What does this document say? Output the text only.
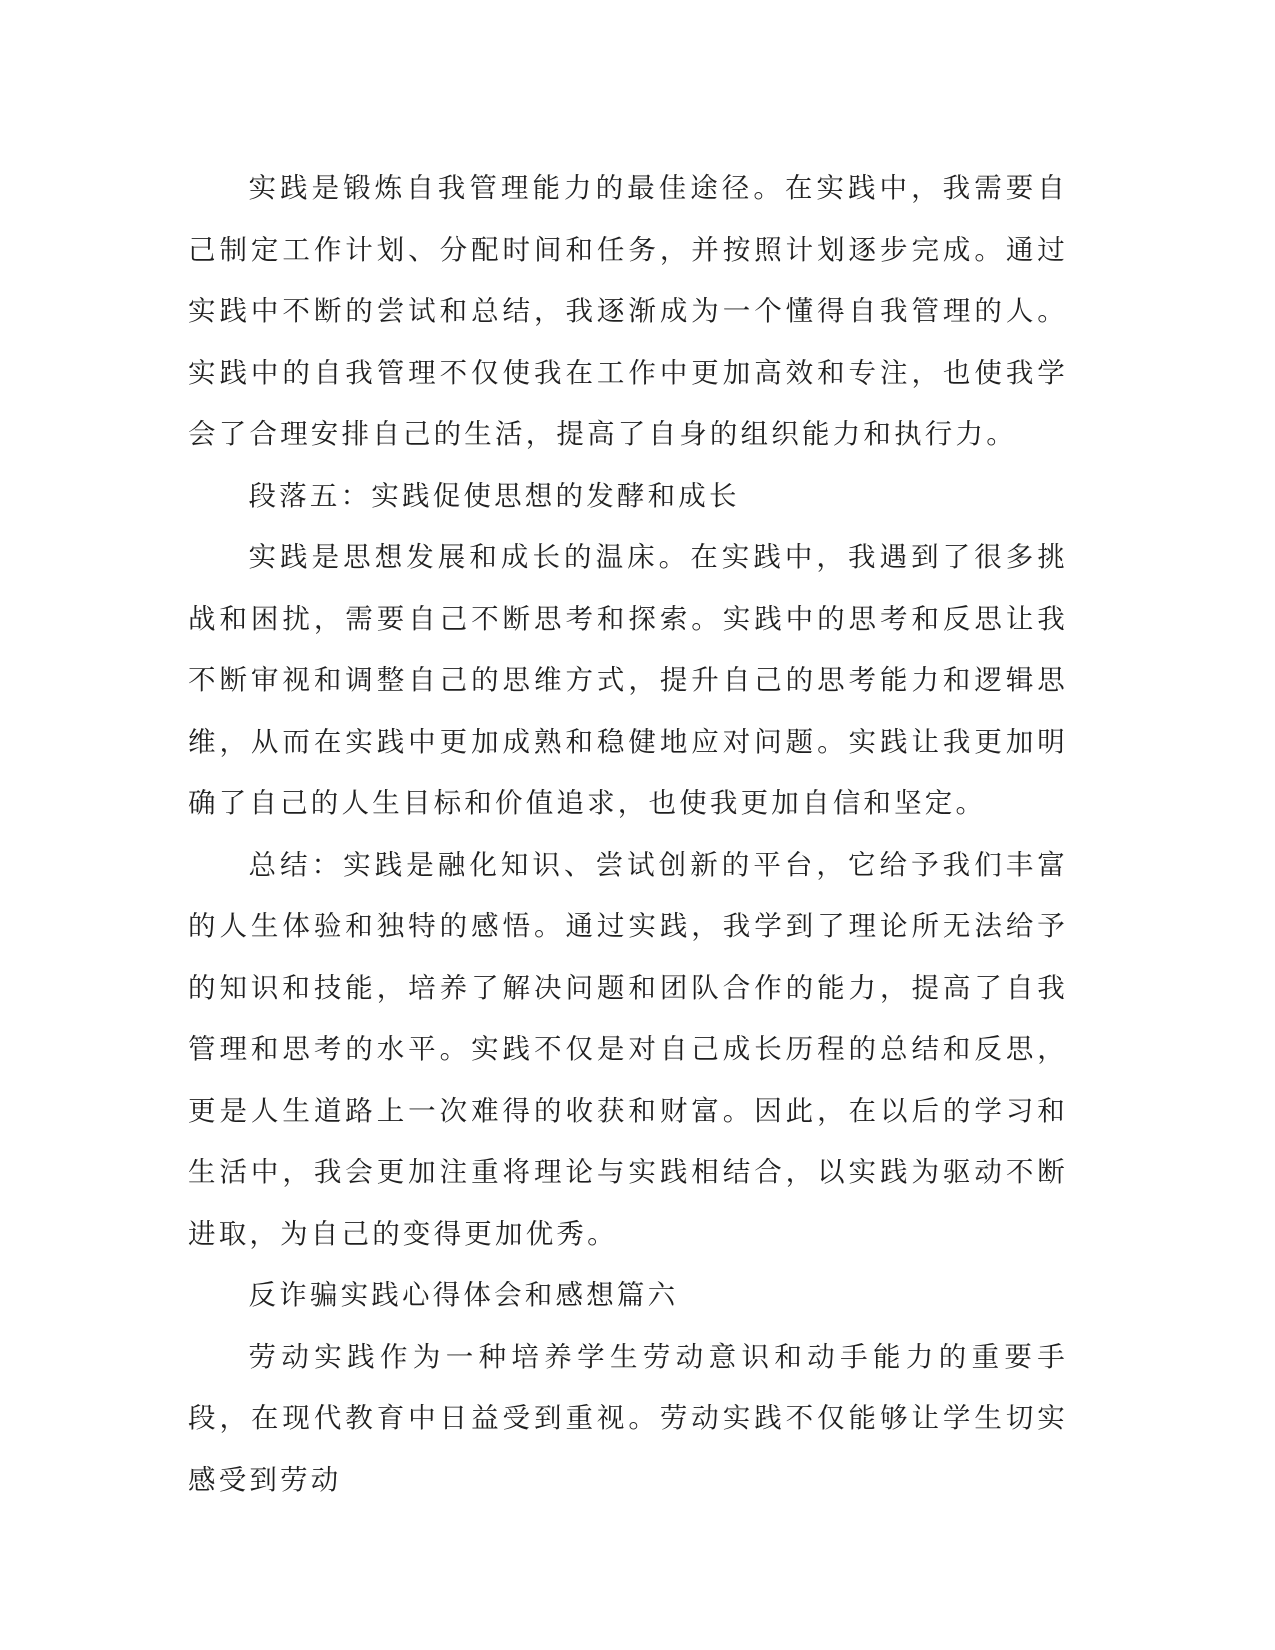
实践是锻炼自我管理能力的最佳途径。在实践中，我需要自己制定工作计划、分配时间和任务，并按照计划逐步完成。通过实践中不断的尝试和总结，我逐渐成为一个懂得自我管理的人。实践中的自我管理不仅使我在工作中更加高效和专注，也使我学会了合理安排自己的生活，提高了自身的组织能力和执行力。

段落五：实践促使思想的发酵和成长

实践是思想发展和成长的温床。在实践中，我遇到了很多挑战和困扰，需要自己不断思考和探索。实践中的思考和反思让我不断审视和调整自己的思维方式，提升自己的思考能力和逻辑思维，从而在实践中更加成熟和稳健地应对问题。实践让我更加明确了自己的人生目标和价值追求，也使我更加自信和坚定。

总结：实践是融化知识、尝试创新的平台，它给予我们丰富的人生体验和独特的感悟。通过实践，我学到了理论所无法给予的知识和技能，培养了解决问题和团队合作的能力，提高了自我管理和思考的水平。实践不仅是对自己成长历程的总结和反思，更是人生道路上一次难得的收获和财富。因此，在以后的学习和生活中，我会更加注重将理论与实践相结合，以实践为驱动不断进取，为自己的变得更加优秀。

反诈骗实践心得体会和感想篇六

劳动实践作为一种培养学生劳动意识和动手能力的重要手段，在现代教育中日益受到重视。劳动实践不仅能够让学生切实感受到劳动
